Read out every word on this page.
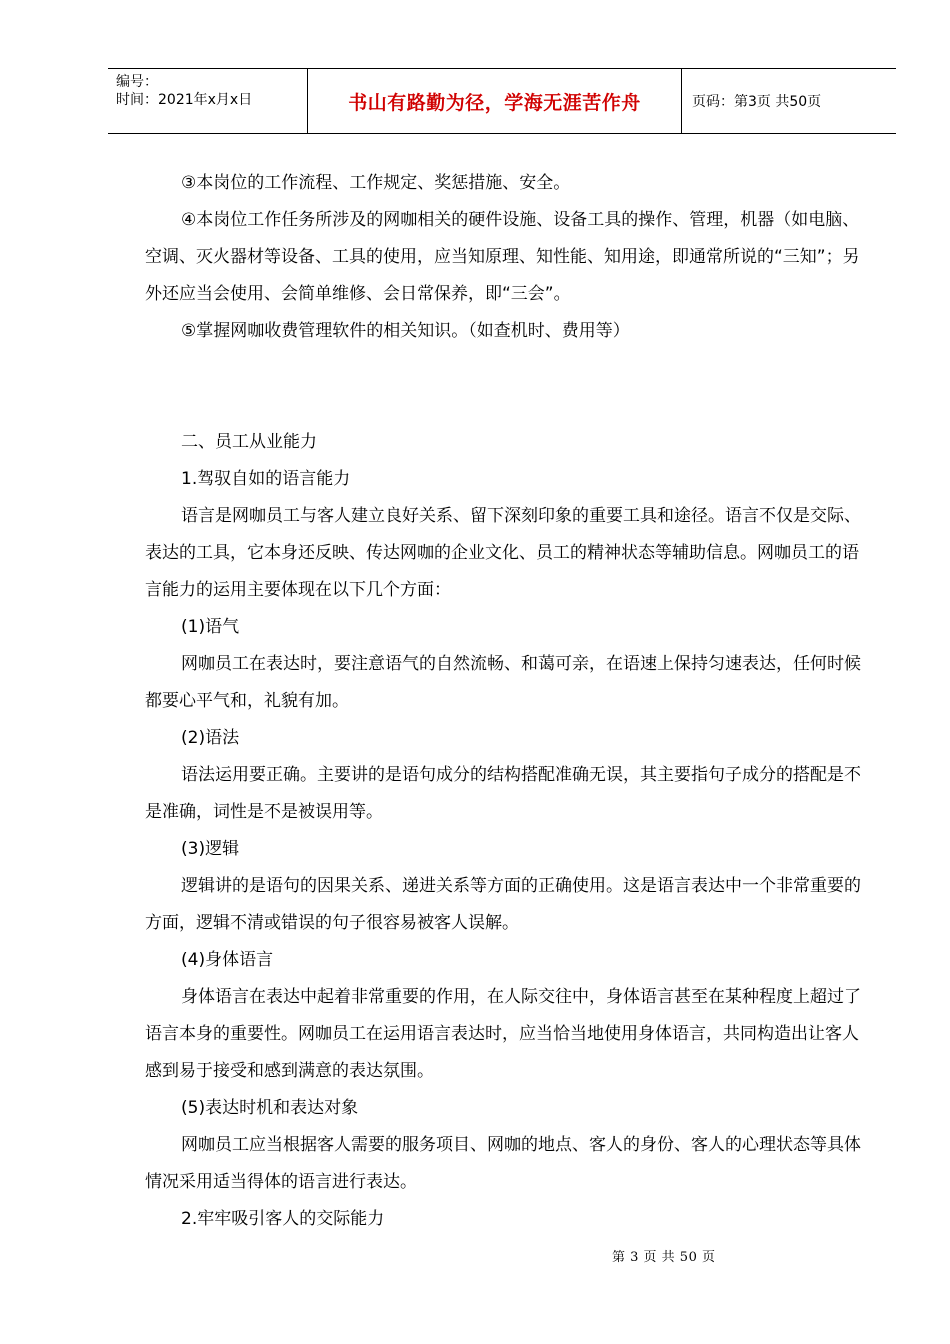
编号：
时间：2021年x月x日	书山有路勤为径，学海无涯苦作舟	页码：第3页 共50页

③本岗位的工作流程、工作规定、奖惩措施、安全。

④本岗位工作任务所涉及的网咖相关的硬件设施、设备工具的操作、管理，机器（如电脑、空调、灭火器材等设备、工具的使用，应当知原理、知性能、知用途，即通常所说的“三知”；另外还应当会使用、会简单维修、会日常保养，即“三会”。

⑤掌握网咖收费管理软件的相关知识。（如查机时、费用等）

二、员工从业能力

1.驾驭自如的语言能力

语言是网咖员工与客人建立良好关系、留下深刻印象的重要工具和途径。语言不仅是交际、表达的工具，它本身还反映、传达网咖的企业文化、员工的精神状态等辅助信息。网咖员工的语言能力的运用主要体现在以下几个方面：

(1)语气

网咖员工在表达时，要注意语气的自然流畅、和蔼可亲，在语速上保持匀速表达，任何时候都要心平气和，礼貌有加。

(2)语法

语法运用要正确。主要讲的是语句成分的结构搭配准确无误，其主要指句子成分的搭配是不是准确，词性是不是被误用等。

(3)逻辑

逻辑讲的是语句的因果关系、递进关系等方面的正确使用。这是语言表达中一个非常重要的方面，逻辑不清或错误的句子很容易被客人误解。

(4)身体语言

身体语言在表达中起着非常重要的作用，在人际交往中，身体语言甚至在某种程度上超过了语言本身的重要性。网咖员工在运用语言表达时，应当恰当地使用身体语言，共同构造出让客人感到易于接受和感到满意的表达氛围。

(5)表达时机和表达对象

网咖员工应当根据客人需要的服务项目、网咖的地点、客人的身份、客人的心理状态等具体情况采用适当得体的语言进行表达。

2.牢牢吸引客人的交际能力

第 3 页 共 50 页
